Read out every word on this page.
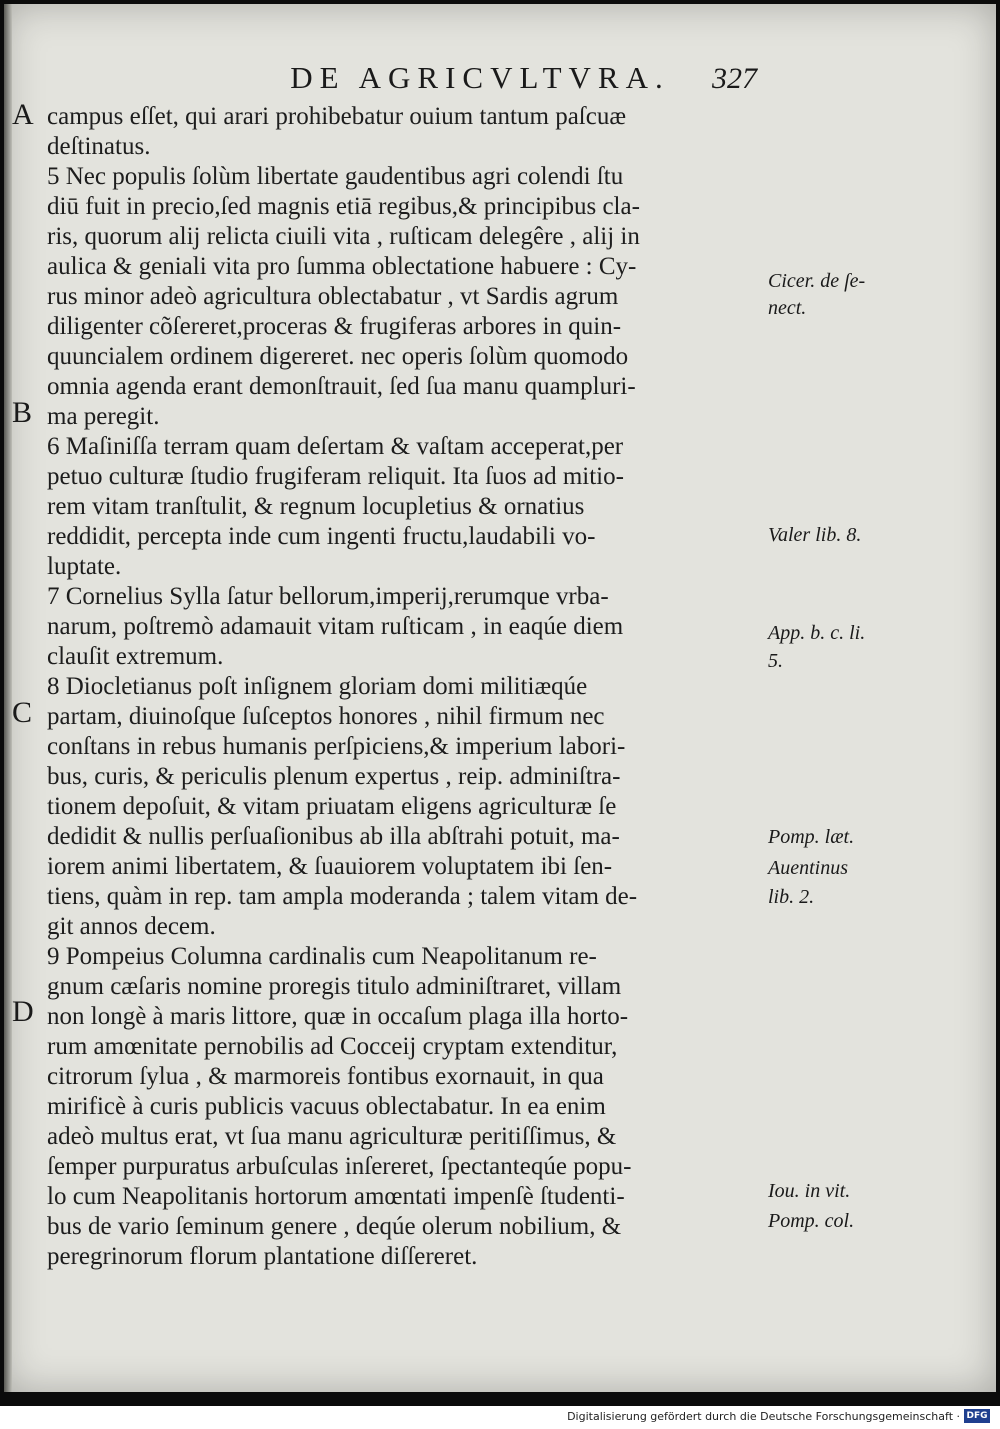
DE AGRICVLTVRA.	327
A
B
C
D
campus eſſet, qui arari prohibebatur ouium tantum paſcuæ
deſtinatus.
5 Nec populis ſolùm libertate gaudentibus agri colendi ſtu
diū fuit in precio,ſed magnis etiā regibus,& principibus cla-
ris, quorum alij relicta ciuili vita , ruſticam delegêre , alij in
aulica & geniali vita pro ſumma oblectatione habuere : Cy-
rus minor adeò agricultura oblectabatur , vt Sardis agrum
diligenter cõſereret,proceras & frugiferas arbores in quin-
quuncialem ordinem digereret. nec operis ſolùm quomodo
omnia agenda erant demonſtrauit, ſed ſua manu quampluri-
ma peregit.
6 Maſiniſſa terram quam deſertam & vaſtam acceperat,per
petuo culturæ ſtudio frugiferam reliquit. Ita ſuos ad mitio-
rem vitam tranſtulit, & regnum locupletius & ornatius
reddidit, percepta inde cum ingenti fructu,laudabili vo-
luptate.
7 Cornelius Sylla ſatur bellorum,imperij,rerumque vrba-
narum, poſtremò adamauit vitam ruſticam , in eaqúe diem
clauſit extremum.
8 Diocletianus poſt inſignem gloriam domi militiæqúe
partam, diuinoſque ſuſceptos honores , nihil firmum nec
conſtans in rebus humanis perſpiciens,& imperium labori-
bus, curis, & periculis plenum expertus , reip. adminiſtra-
tionem depoſuit, & vitam priuatam eligens agriculturæ ſe
dedidit & nullis perſuaſionibus ab illa abſtrahi potuit, ma-
iorem animi libertatem, & ſuauiorem voluptatem ibi ſen-
tiens, quàm in rep. tam ampla moderanda ; talem vitam de-
git annos decem.
9 Pompeius Columna cardinalis cum Neapolitanum re-
gnum cæſaris nomine proregis titulo adminiſtraret, villam
non longè à maris littore, quæ in occaſum plaga illa horto-
rum amœnitate pernobilis ad Cocceij cryptam extenditur,
citrorum ſylua , & marmoreis fontibus exornauit, in qua
mirificè à curis publicis vacuus oblectabatur. In ea enim
adeò multus erat, vt ſua manu agriculturæ peritiſſimus, &
ſemper purpuratus arbuſculas inſereret, ſpectanteqúe popu-
lo cum Neapolitanis hortorum amœntati impenſè ſtudenti-
bus de vario ſeminum genere , deqúe olerum nobilium, &
peregrinorum florum plantatione diſſereret.
Cicer. de ſe-
nect.
Valer lib. 8.
App. b. c. li.
5.
Pomp. læt.
Auentinus
lib. 2.
Iou. in vit.
Pomp. col.
Digitalisierung gefördert durch die Deutsche Forschungsgemeinschaft · DFG
